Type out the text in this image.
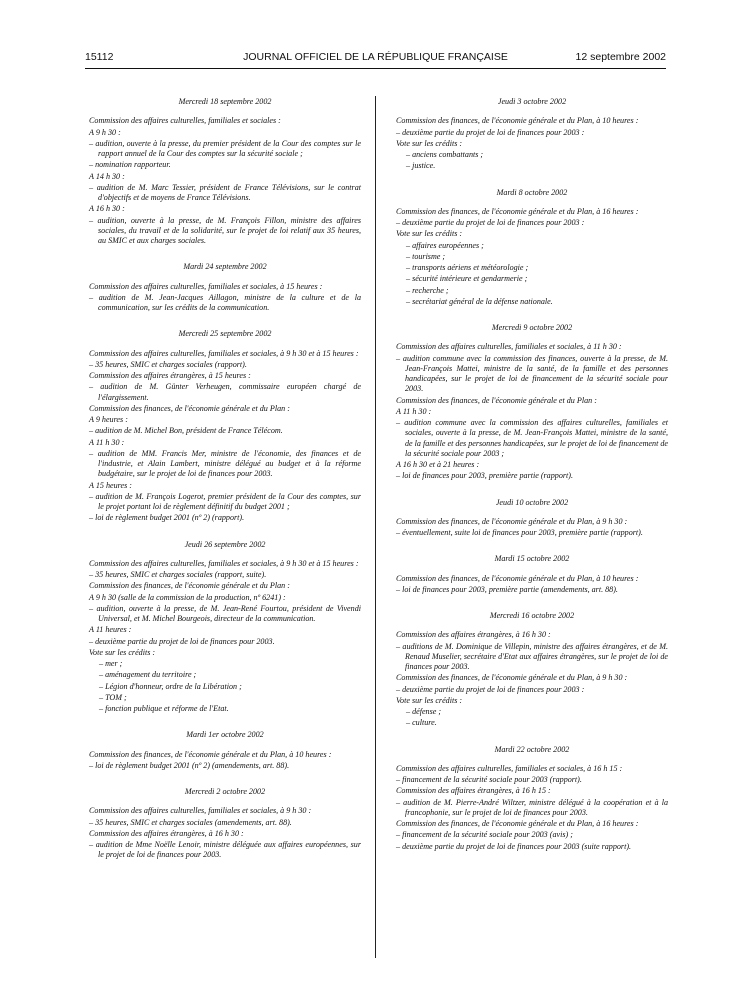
JOURNAL OFFICIEL DE LA RÉPUBLIQUE FRANÇAISE
15112	12 septembre 2002
Mercredi 18 septembre 2002
Commission des affaires culturelles, familiales et sociales :
A 9 h 30 :
– audition, ouverte à la presse, du premier président de la Cour des comptes sur le rapport annuel de la Cour des comptes sur la sécurité sociale ;
– nomination rapporteur.
A 14 h 30 :
– audition de M. Marc Tessier, président de France Télévisions, sur le contrat d'objectifs et de moyens de France Télévisions.
A 16 h 30 :
– audition, ouverte à la presse, de M. François Fillon, ministre des affaires sociales, du travail et de la solidarité, sur le projet de loi relatif aux 35 heures, au SMIC et aux charges sociales.
Mardi 24 septembre 2002
Commission des affaires culturelles, familiales et sociales, à 15 heures :
– audition de M. Jean-Jacques Aillagon, ministre de la culture et de la communication, sur les crédits de la communication.
Mercredi 25 septembre 2002
Commission des affaires culturelles, familiales et sociales, à 9 h 30 et à 15 heures :
– 35 heures, SMIC et charges sociales (rapport).
Commission des affaires étrangères, à 15 heures :
– audition de M. Günter Verheugen, commissaire européen chargé de l'élargissement.
Commission des finances, de l'économie générale et du Plan :
A 9 heures :
– audition de M. Michel Bon, président de France Télécom.
A 11 h 30 :
– audition de MM. Francis Mer, ministre de l'économie, des finances et de l'industrie, et Alain Lambert, ministre délégué au budget et à la réforme budgétaire, sur le projet de loi de finances pour 2003.
A 15 heures :
– audition de M. François Logerot, premier président de la Cour des comptes, sur le projet portant loi de règlement définitif du budget 2001 ;
– loi de règlement budget 2001 (nº 2) (rapport).
Jeudi 26 septembre 2002
Commission des affaires culturelles, familiales et sociales, à 9 h 30 et à 15 heures :
– 35 heures, SMIC et charges sociales (rapport, suite).
Commission des finances, de l'économie générale et du Plan :
A 9 h 30 (salle de la commission de la production, nº 6241) :
– audition, ouverte à la presse, de M. Jean-René Fourtou, président de Vivendi Universal, et M. Michel Bourgeois, directeur de la communication.
A 11 heures :
– deuxième partie du projet de loi de finances pour 2003.
Vote sur les crédits :
– mer ;
– aménagement du territoire ;
– Légion d'honneur, ordre de la Libération ;
– TOM ;
– fonction publique et réforme de l'Etat.
Mardi 1er octobre 2002
Commission des finances, de l'économie générale et du Plan, à 10 heures :
– loi de règlement budget 2001 (nº 2) (amendements, art. 88).
Mercredi 2 octobre 2002
Commission des affaires culturelles, familiales et sociales, à 9 h 30 :
– 35 heures, SMIC et charges sociales (amendements, art. 88).
Commission des affaires étrangères, à 16 h 30 :
– audition de Mme Noëlle Lenoir, ministre déléguée aux affaires européennes, sur le projet de loi de finances pour 2003.
Jeudi 3 octobre 2002
Commission des finances, de l'économie générale et du Plan, à 10 heures :
– deuxième partie du projet de loi de finances pour 2003 :
Vote sur les crédits :
– anciens combattants ;
– justice.
Mardi 8 octobre 2002
Commission des finances, de l'économie générale et du Plan, à 16 heures :
– deuxième partie du projet de loi de finances pour 2003 :
Vote sur les crédits :
– affaires européennes ;
– tourisme ;
– transports aériens et météorologie ;
– sécurité intérieure et gendarmerie ;
– recherche ;
– secrétariat général de la défense nationale.
Mercredi 9 octobre 2002
Commission des affaires culturelles, familiales et sociales, à 11 h 30 :
– audition commune avec la commission des finances, ouverte à la presse, de M. Jean-François Mattei, ministre de la santé, de la famille et des personnes handicapées, sur le projet de loi de financement de la sécurité sociale pour 2003.
Commission des finances, de l'économie générale et du Plan :
A 11 h 30 :
– audition commune avec la commission des affaires culturelles, familiales et sociales, ouverte à la presse, de M. Jean-François Mattei, ministre de la santé, de la famille et des personnes handicapées, sur le projet de loi de financement de la sécurité sociale pour 2003 ;
A 16 h 30 et à 21 heures :
– loi de finances pour 2003, première partie (rapport).
Jeudi 10 octobre 2002
Commission des finances, de l'économie générale et du Plan, à 9 h 30 :
– éventuellement, suite loi de finances pour 2003, première partie (rapport).
Mardi 15 octobre 2002
Commission des finances, de l'économie générale et du Plan, à 10 heures :
– loi de finances pour 2003, première partie (amendements, art. 88).
Mercredi 16 octobre 2002
Commission des affaires étrangères, à 16 h 30 :
– auditions de M. Dominique de Villepin, ministre des affaires étrangères, et de M. Renaud Muselier, secrétaire d'Etat aux affaires étrangères, sur le projet de loi de finances pour 2003.
Commission des finances, de l'économie générale et du Plan, à 9 h 30 :
– deuxième partie du projet de loi de finances pour 2003 :
Vote sur les crédits :
– défense ;
– culture.
Mardi 22 octobre 2002
Commission des affaires culturelles, familiales et sociales, à 16 h 15 :
– financement de la sécurité sociale pour 2003 (rapport).
Commission des affaires étrangères, à 16 h 15 :
– audition de M. Pierre-André Wiltzer, ministre délégué à la coopération et à la francophonie, sur le projet de loi de finances pour 2003.
Commission des finances, de l'économie générale et du Plan, à 16 heures :
– financement de la sécurité sociale pour 2003 (avis) ;
– deuxième partie du projet de loi de finances pour 2003 (suite rapport).
